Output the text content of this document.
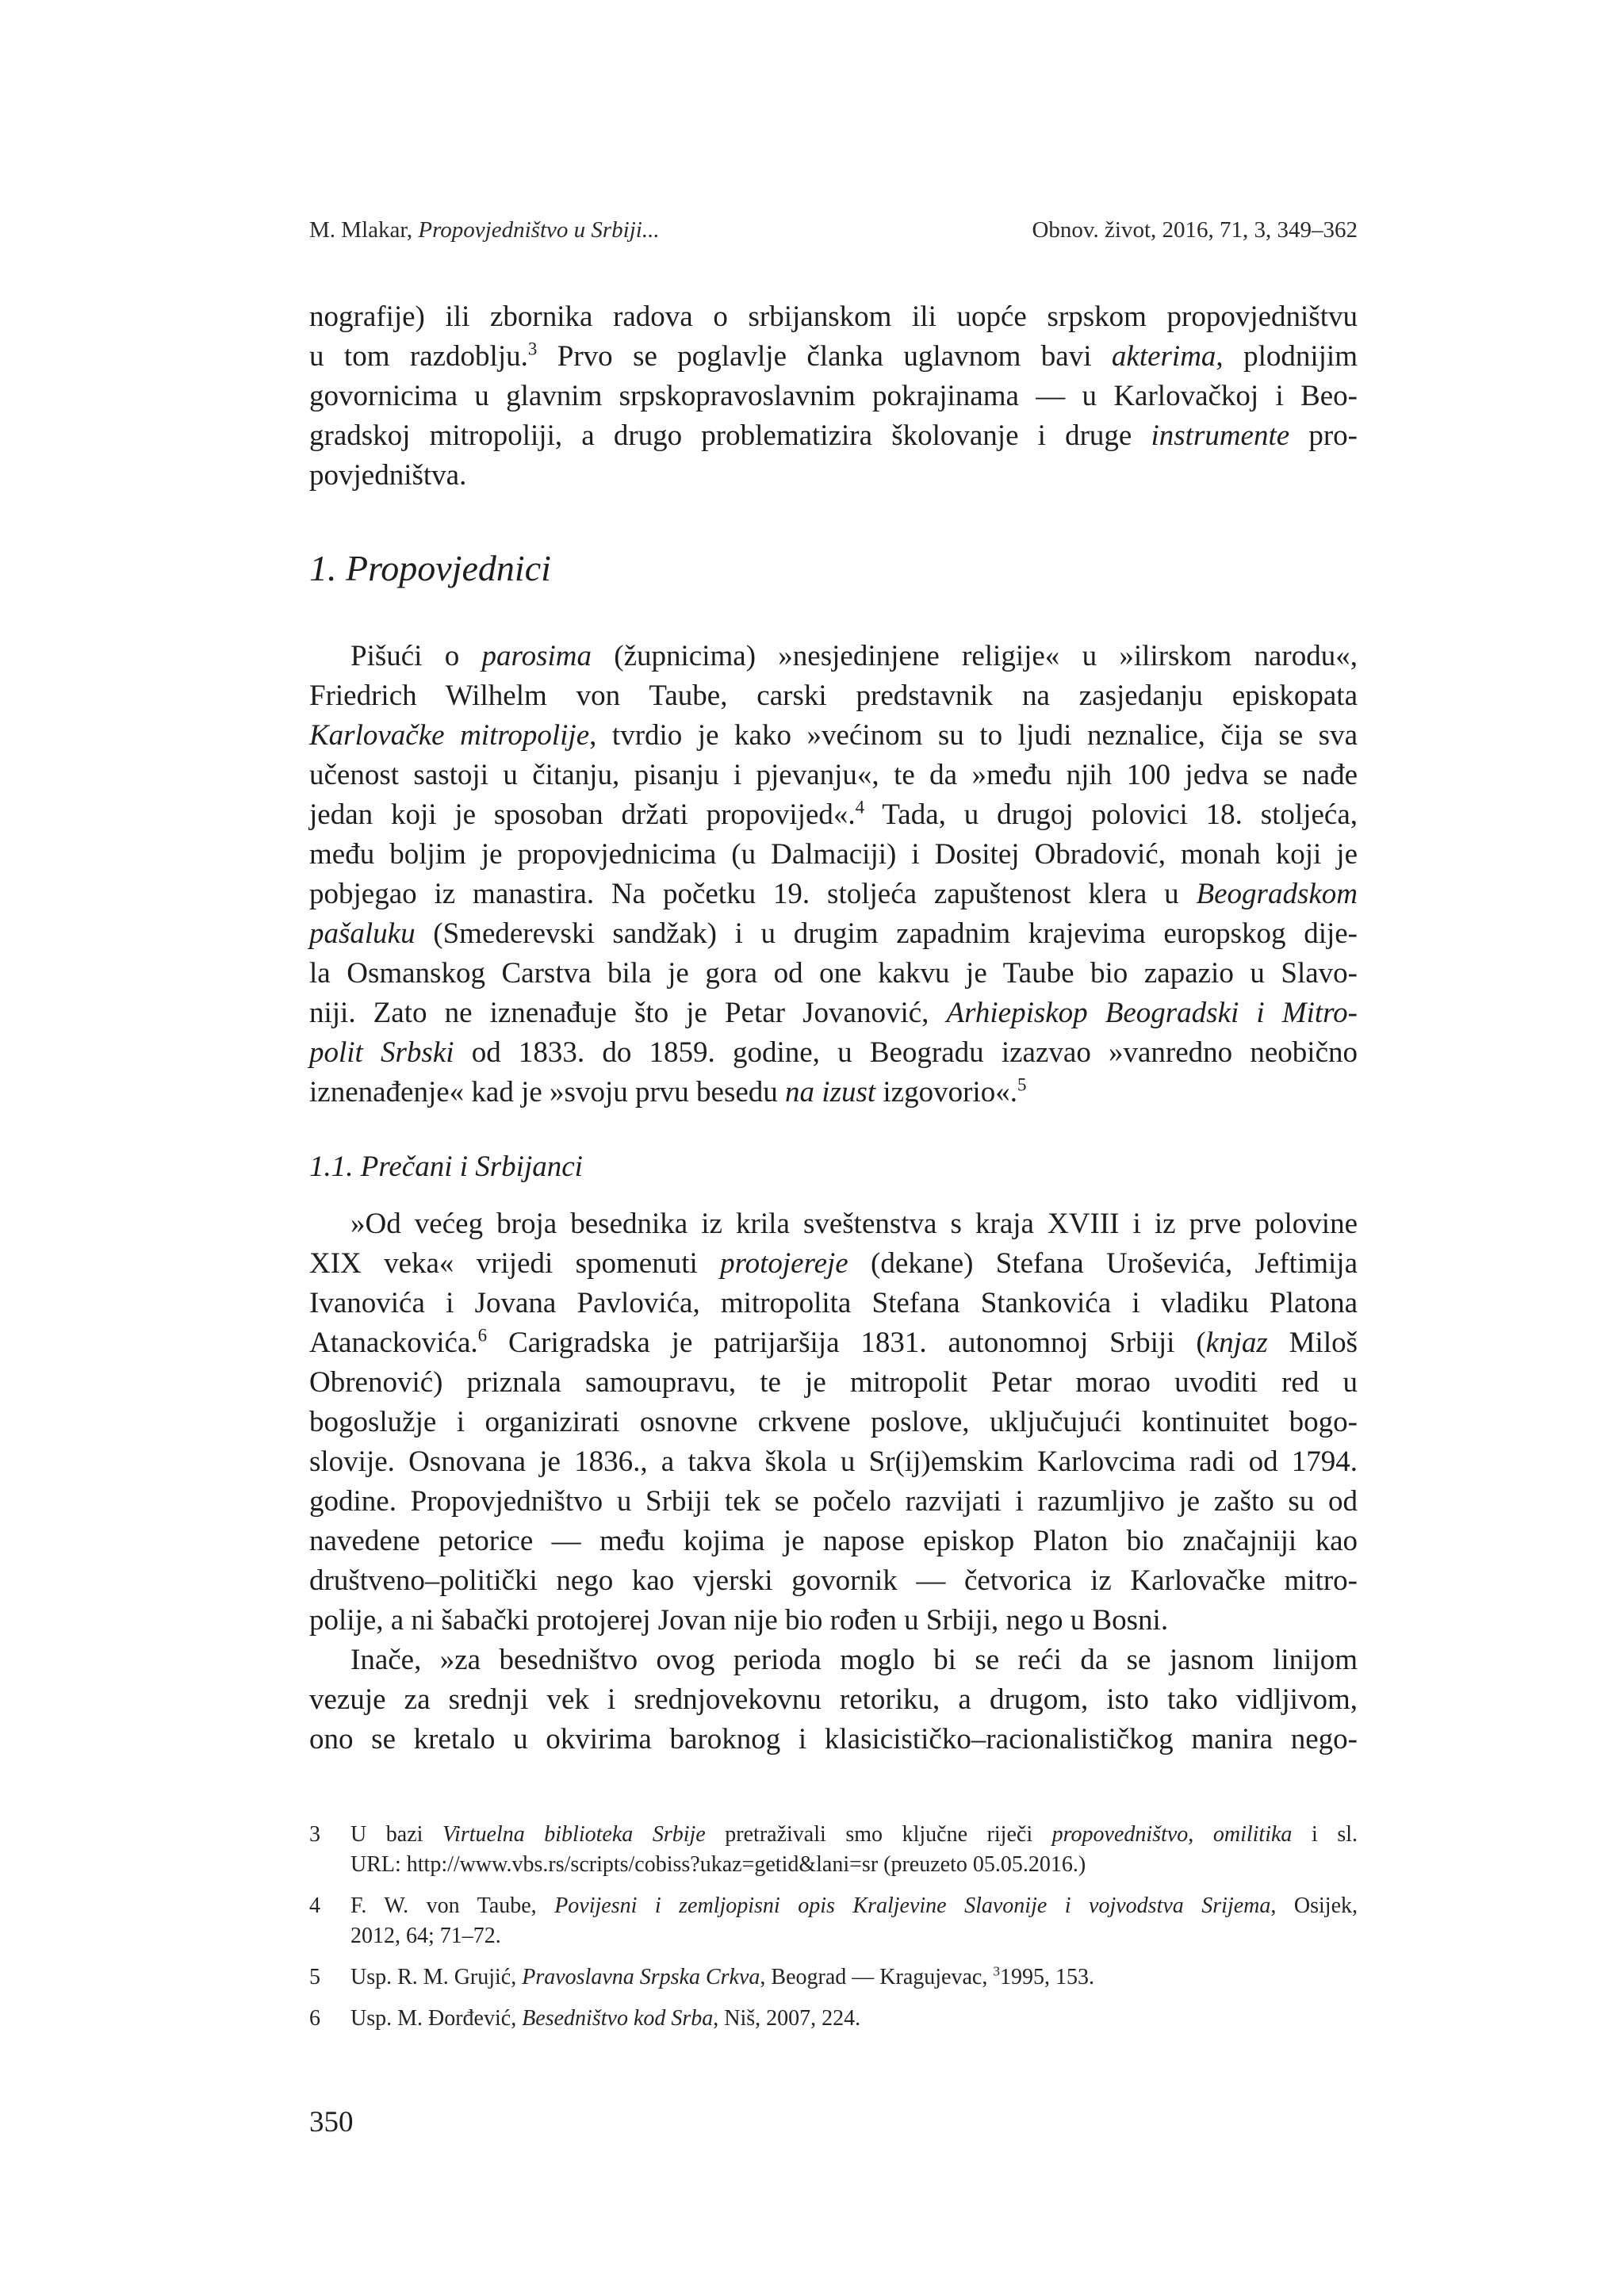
M. Mlakar, Propovjedništvo u Srbiji...	Obnov. život, 2016, 71, 3, 349–362
nografije) ili zbornika radova o srbijanskom ili uopće srpskom propovjedništvu
u tom razdoblju.$^3$ Prvo se poglavlje članka uglavnom bavi akterima, plodnijim
govornicima u glavnim srpskopravoslavnim pokrajinama — u Karlovačkoj i Beo-
gradskoj mitropoliji, a drugo problematizira školovanje i druge instrumente pro-
povjedništva.
1. Propovjednici
Pišući o parosima (župnicima) »nesjedinjene religije« u »ilirskom narodu«,
Friedrich Wilhelm von Taube, carski predstavnik na zasjedanju episkopata
Karlovačke mitropolije, tvrdio je kako »većinom su to ljudi neznalice, čija se sva
učenost sastoji u čitanju, pisanju i pjevanju«, te da »među njih 100 jedva se nađe
jedan koji je sposoban držati propovijed«.$^4$ Tada, u drugoj polovici 18. stoljeća,
među boljim je propovjednicima (u Dalmaciji) i Dositej Obradović, monah koji je
pobjegao iz manastira. Na početku 19. stoljeća zapuštenost klera u Beogradskom
pašaluku (Smederevski sandžak) i u drugim zapadnim krajevima europskog dije-
la Osmanskog Carstva bila je gora od one kakvu je Taube bio zapazio u Slavo-
niji. Zato ne iznenađuje što je Petar Jovanović, Arhiepiskop Beogradski i Mitro-
polit Srbski od 1833. do 1859. godine, u Beogradu izazvao »vanredno neobično
iznenađenje« kad je »svoju prvu besedu na izust izgovorio«.$^5$
1.1. Prečani i Srbijanci
»Od većeg broja besednika iz krila sveštenstva s kraja XVIII i iz prve polovine
XIX veka« vrijedi spomenuti protojereje (dekane) Stefana Uroševića, Jeftimija
Ivanovića i Jovana Pavlovića, mitropolita Stefana Stankovića i vladiku Platona
Atanackovića.$^6$ Carigradska je patrijaršija 1831. autonomnoj Srbiji (knjaz Miloš
Obrenović) priznala samoupravu, te je mitropolit Petar morao uvoditi red u
bogoslužje i organizirati osnovne crkvene poslove, uključujući kontinuitet bogo-
slovije. Osnovana je 1836., a takva škola u Sr(ij)emskim Karlovcima radi od 1794.
godine. Propovjedništvo u Srbiji tek se počelo razvijati i razumljivo je zašto su od
navedene petorice — među kojima je napose episkop Platon bio značajniji kao
društveno–politički nego kao vjerski govornik — četvorica iz Karlovačke mitro-
polije, a ni šabački protojerej Jovan nije bio rođen u Srbiji, nego u Bosni.
Inače, »za besedništvo ovog perioda moglo bi se reći da se jasnom linijom
vezuje za srednji vek i srednjovekovnu retoriku, a drugom, isto tako vidljivom,
ono se kretalo u okvirima baroknog i klasicističko–racionalističkog manira nego-
3	U bazi Virtuelna biblioteka Srbije pretraživali smo ključne riječi propovedništvo, omilitika i sl.
URL: http://www.vbs.rs/scripts/cobiss?ukaz=getid&lani=sr (preuzeto 05.05.2016.)
4	F. W. von Taube, Povijesni i zemljopisni opis Kraljevine Slavonije i vojvodstva Srijema, Osijek,
2012, 64; 71–72.
5	Usp. R. M. Grujić, Pravoslavna Srpska Crkva, Beograd — Kragujevac, $^3$1995, 153.
6	Usp. M. Đorđević, Besedništvo kod Srba, Niš, 2007, 224.
350
